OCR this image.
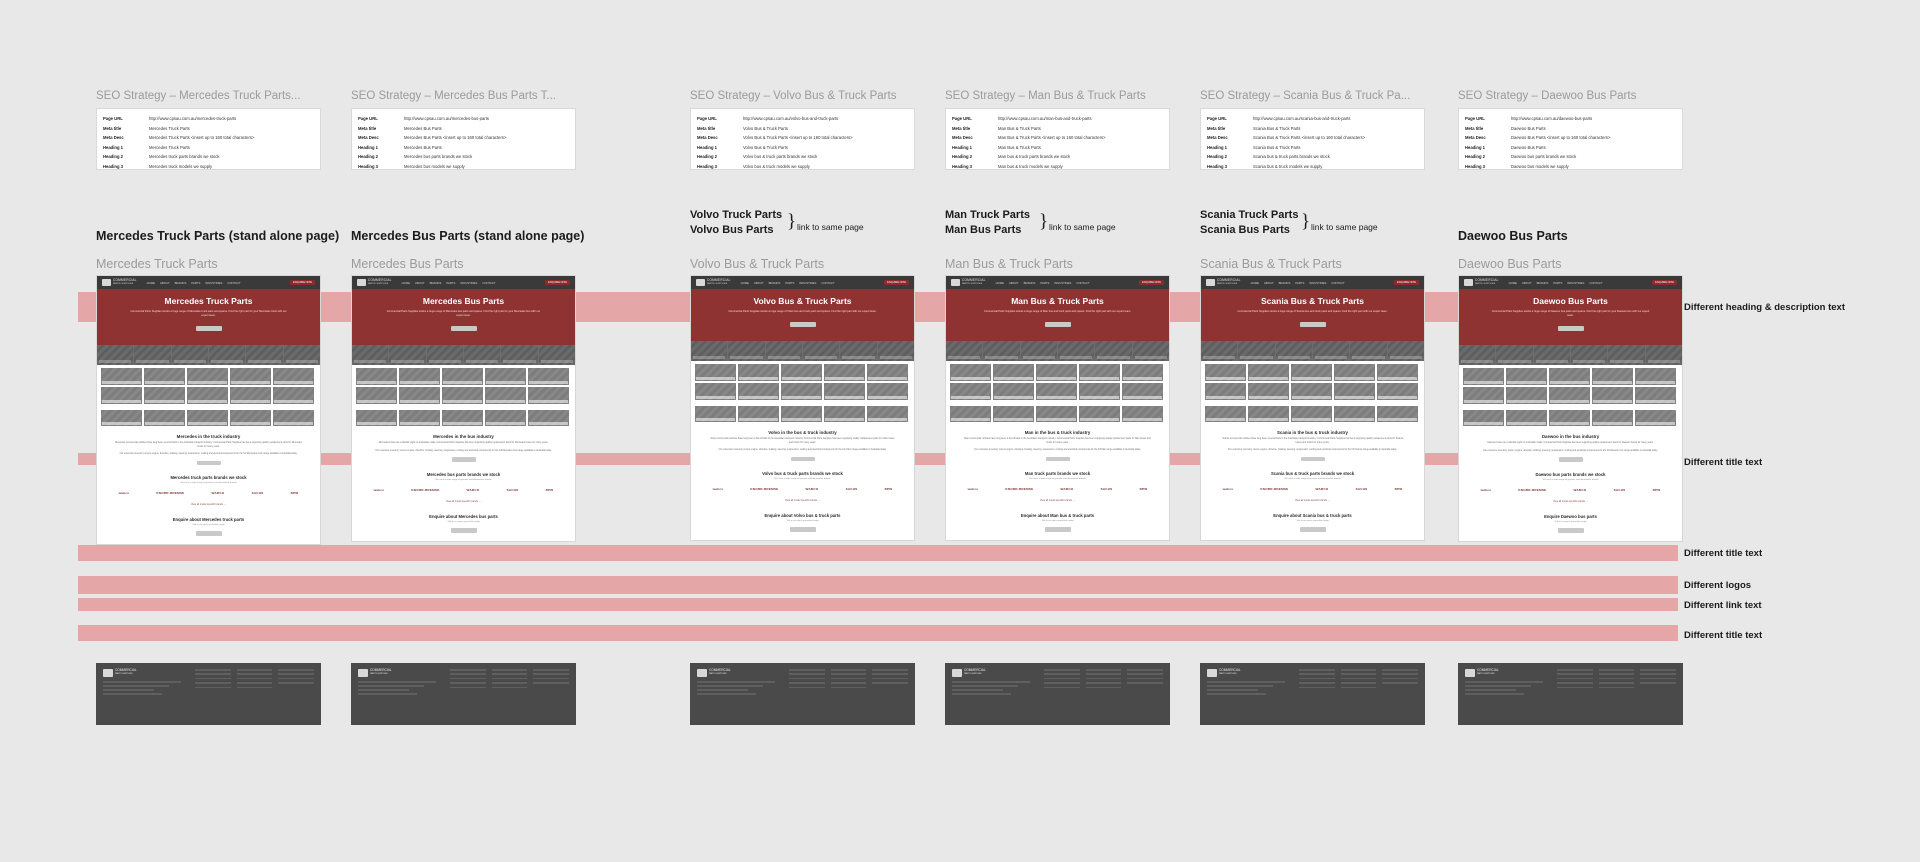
Different heading & description text
Different title text
Different title text
Different logos
Different link text
Different title text
SEO Strategy – Mercedes Truck Parts...
Page URL	http://www.cpsau.com.au/mercedes-truck-parts
Meta title	Mercedes Truck Parts
Meta Desc	Mercedes Truck Parts <insert up to 160 total characters>
Heading 1	Mercedes Truck Parts
Heading 2	Mercedes truck parts brands we stock
Heading 3	Mercedes truck models we supply
SEO Strategy – Mercedes Bus Parts T...
Page URL	http://www.cpsau.com.au/mercedes-bus-parts
Meta title	Mercedes Bus Parts
Meta Desc	Mercedes Bus Parts <insert up to 160 total characters>
Heading 1	Mercedes Bus Parts
Heading 2	Mercedes bus parts brands we stock
Heading 3	Mercedes bus models we supply
SEO Strategy – Volvo Bus & Truck Parts
Page URL	http://www.cpsau.com.au/volvo-bus-and-truck-parts
Meta title	Volvo Bus & Truck Parts
Meta Desc	Volvo Bus & Truck Parts <insert up to 160 total characters>
Heading 1	Volvo Bus & Truck Parts
Heading 2	Volvo bus & truck parts brands we stock
Heading 3	Volvo bus & truck models we supply
SEO Strategy – Man Bus & Truck Parts
Page URL	http://www.cpsau.com.au/man-bus-and-truck-parts
Meta title	Man Bus & Truck Parts
Meta Desc	Man Bus & Truck Parts <insert up to 160 total characters>
Heading 1	Man Bus & Truck Parts
Heading 2	Man bus & truck parts brands we stock
Heading 3	Man bus & truck models we supply
SEO Strategy – Scania Bus & Truck Pa...
Page URL	http://www.cpsau.com.au/scania-bus-and-truck-parts
Meta title	Scania Bus & Truck Parts
Meta Desc	Scania Bus & Truck Parts <insert up to 160 total characters>
Heading 1	Scania Bus & Truck Parts
Heading 2	Scania bus & truck parts brands we stock
Heading 3	Scania bus & truck models we supply
SEO Strategy – Daewoo Bus Parts
Page URL	http://www.cpsau.com.au/daewoo-bus-parts
Meta title	Daewoo Bus Parts
Meta Desc	Daewoo Bus Parts <insert up to 160 total characters>
Heading 1	Daewoo Bus Parts
Heading 2	Daewoo bus parts brands we stock
Heading 3	Daewoo bus models we supply
Mercedes Truck Parts (stand alone page) Mercedes Bus Parts (stand alone page)	Daewoo Bus Parts
Volvo Truck Parts
Volvo Bus Parts } link to same page
Man Truck Parts
Man Bus Parts } link to same page
Scania Truck Parts
Scania Bus Parts } link to same page
Mercedes Truck Parts
COMMERCIAL
PARTS SUPPLIES	HOME ABOUT BRANDS PARTS INDUSTRIES CONTACT	ENQUIRE NOW
Mercedes Truck Parts

Commercial Parts Supplies stocks a huge range of Mercedes truck parts and spares. Find the right part for your Mercedes truck with our expert team.

Mercedes in the truck industry

Mercedes commercial vehicles have long been a benchmark in the Australian transport industry. Commercial Parts Supplies has been supplying quality replacement parts for Mercedes trucks for many years.

Our extensive inventory covers engine, driveline, braking, steering, suspension, cooling and electrical components for the full Mercedes truck range available in Australia today.

Mercedes truck parts brands we stock
We stock a wide range of genuine and aftermarket brands
wabco	KNORR-BREMSE	WABCO	SACHS	BPW
View all model specific brands →
Enquire about Mercedes truck parts
Talk to our parts specialists today
COMMERCIAL
PARTS SUPPLIES
Mercedes Bus Parts
COMMERCIAL
PARTS SUPPLIES	HOME ABOUT BRANDS PARTS INDUSTRIES CONTACT	ENQUIRE NOW
Mercedes Bus Parts

Commercial Parts Supplies stocks a huge range of Mercedes bus parts and spares. Find the right part for your Mercedes bus with our expert team.

Mercedes in the bus industry

Mercedes buses are a familiar sight on Australian roads. Commercial Parts Supplies has been supplying quality replacement parts for Mercedes buses for many years.

Our extensive inventory covers engine, driveline, braking, steering, suspension, cooling and electrical components for the full Mercedes bus range available in Australia today.

Mercedes bus parts brands we stock
We stock a wide range of genuine and aftermarket brands
wabco	KNORR-BREMSE	WABCO	SACHS	BPW
View all model specific brands →
Enquire about Mercedes bus parts
Talk to our parts specialists today
COMMERCIAL
PARTS SUPPLIES
Volvo Bus & Truck Parts
COMMERCIAL
PARTS SUPPLIES	HOME ABOUT BRANDS PARTS INDUSTRIES CONTACT	ENQUIRE NOW
Volvo Bus & Truck Parts

Commercial Parts Supplies stocks a huge range of Volvo bus and truck parts and spares. Find the right part with our expert team.

Volvo in the bus & truck industry

Volvo commercial vehicles have long been a benchmark in the Australian transport industry. Commercial Parts Supplies has been supplying quality replacement parts for Volvo buses and trucks for many years.

Our extensive inventory covers engine, driveline, braking, steering, suspension, cooling and electrical components for the full Volvo range available in Australia today.

Volvo bus & truck parts brands we stock
We stock a wide range of genuine and aftermarket brands
wabco	KNORR-BREMSE	WABCO	SACHS	BPW
View all model specific brands →
Enquire about Volvo bus & truck parts
Talk to our parts specialists today
COMMERCIAL
PARTS SUPPLIES
Man Bus & Truck Parts
COMMERCIAL
PARTS SUPPLIES	HOME ABOUT BRANDS PARTS INDUSTRIES CONTACT	ENQUIRE NOW
Man Bus & Truck Parts

Commercial Parts Supplies stocks a huge range of Man bus and truck parts and spares. Find the right part with our expert team.

Man in the bus & truck industry

Man commercial vehicles have long been a benchmark in the Australian transport industry. Commercial Parts Supplies has been supplying quality replacement parts for Man buses and trucks for many years.

Our extensive inventory covers engine, driveline, braking, steering, suspension, cooling and electrical components for the full Man range available in Australia today.

Man truck parts brands we stock
We stock a wide range of genuine and aftermarket brands
wabco	KNORR-BREMSE	WABCO	SACHS	BPW
View all model specific brands →
Enquire about Man bus & truck parts
Talk to our parts specialists today
COMMERCIAL
PARTS SUPPLIES
Scania Bus & Truck Parts
COMMERCIAL
PARTS SUPPLIES	HOME ABOUT BRANDS PARTS INDUSTRIES CONTACT	ENQUIRE NOW
Scania Bus & Truck Parts

Commercial Parts Supplies stocks a huge range of Scania bus and truck parts and spares. Find the right part with our expert team.

Scania in the bus & truck industry

Scania commercial vehicles have long been a benchmark in the Australian transport industry. Commercial Parts Supplies has been supplying quality replacement parts for Scania buses and trucks for many years.

Our extensive inventory covers engine, driveline, braking, steering, suspension, cooling and electrical components for the full Scania range available in Australia today.

Scania bus & truck parts brands we stock
We stock a wide range of genuine and aftermarket brands
wabco	KNORR-BREMSE	WABCO	SACHS	BPW
View all model specific brands →
Enquire about Scania bus & truck parts
Talk to our parts specialists today
COMMERCIAL
PARTS SUPPLIES
Daewoo Bus Parts
COMMERCIAL
PARTS SUPPLIES	HOME ABOUT BRANDS PARTS INDUSTRIES CONTACT	ENQUIRE NOW
Daewoo Bus Parts

Commercial Parts Supplies stocks a huge range of Daewoo bus parts and spares. Find the right part for your Daewoo bus with our expert team.

Daewoo in the bus industry

Daewoo buses are a familiar sight on Australian roads. Commercial Parts Supplies has been supplying quality replacement parts for Daewoo buses for many years.

Our extensive inventory covers engine, driveline, braking, steering, suspension, cooling and electrical components for the full Daewoo bus range available in Australia today.

Daewoo bus parts brands we stock
We stock a wide range of genuine and aftermarket brands
wabco	KNORR-BREMSE	WABCO	SACHS	BPW
View all model specific brands →
Enquire Daewoo bus parts
Talk to our parts specialists today
COMMERCIAL
PARTS SUPPLIES
